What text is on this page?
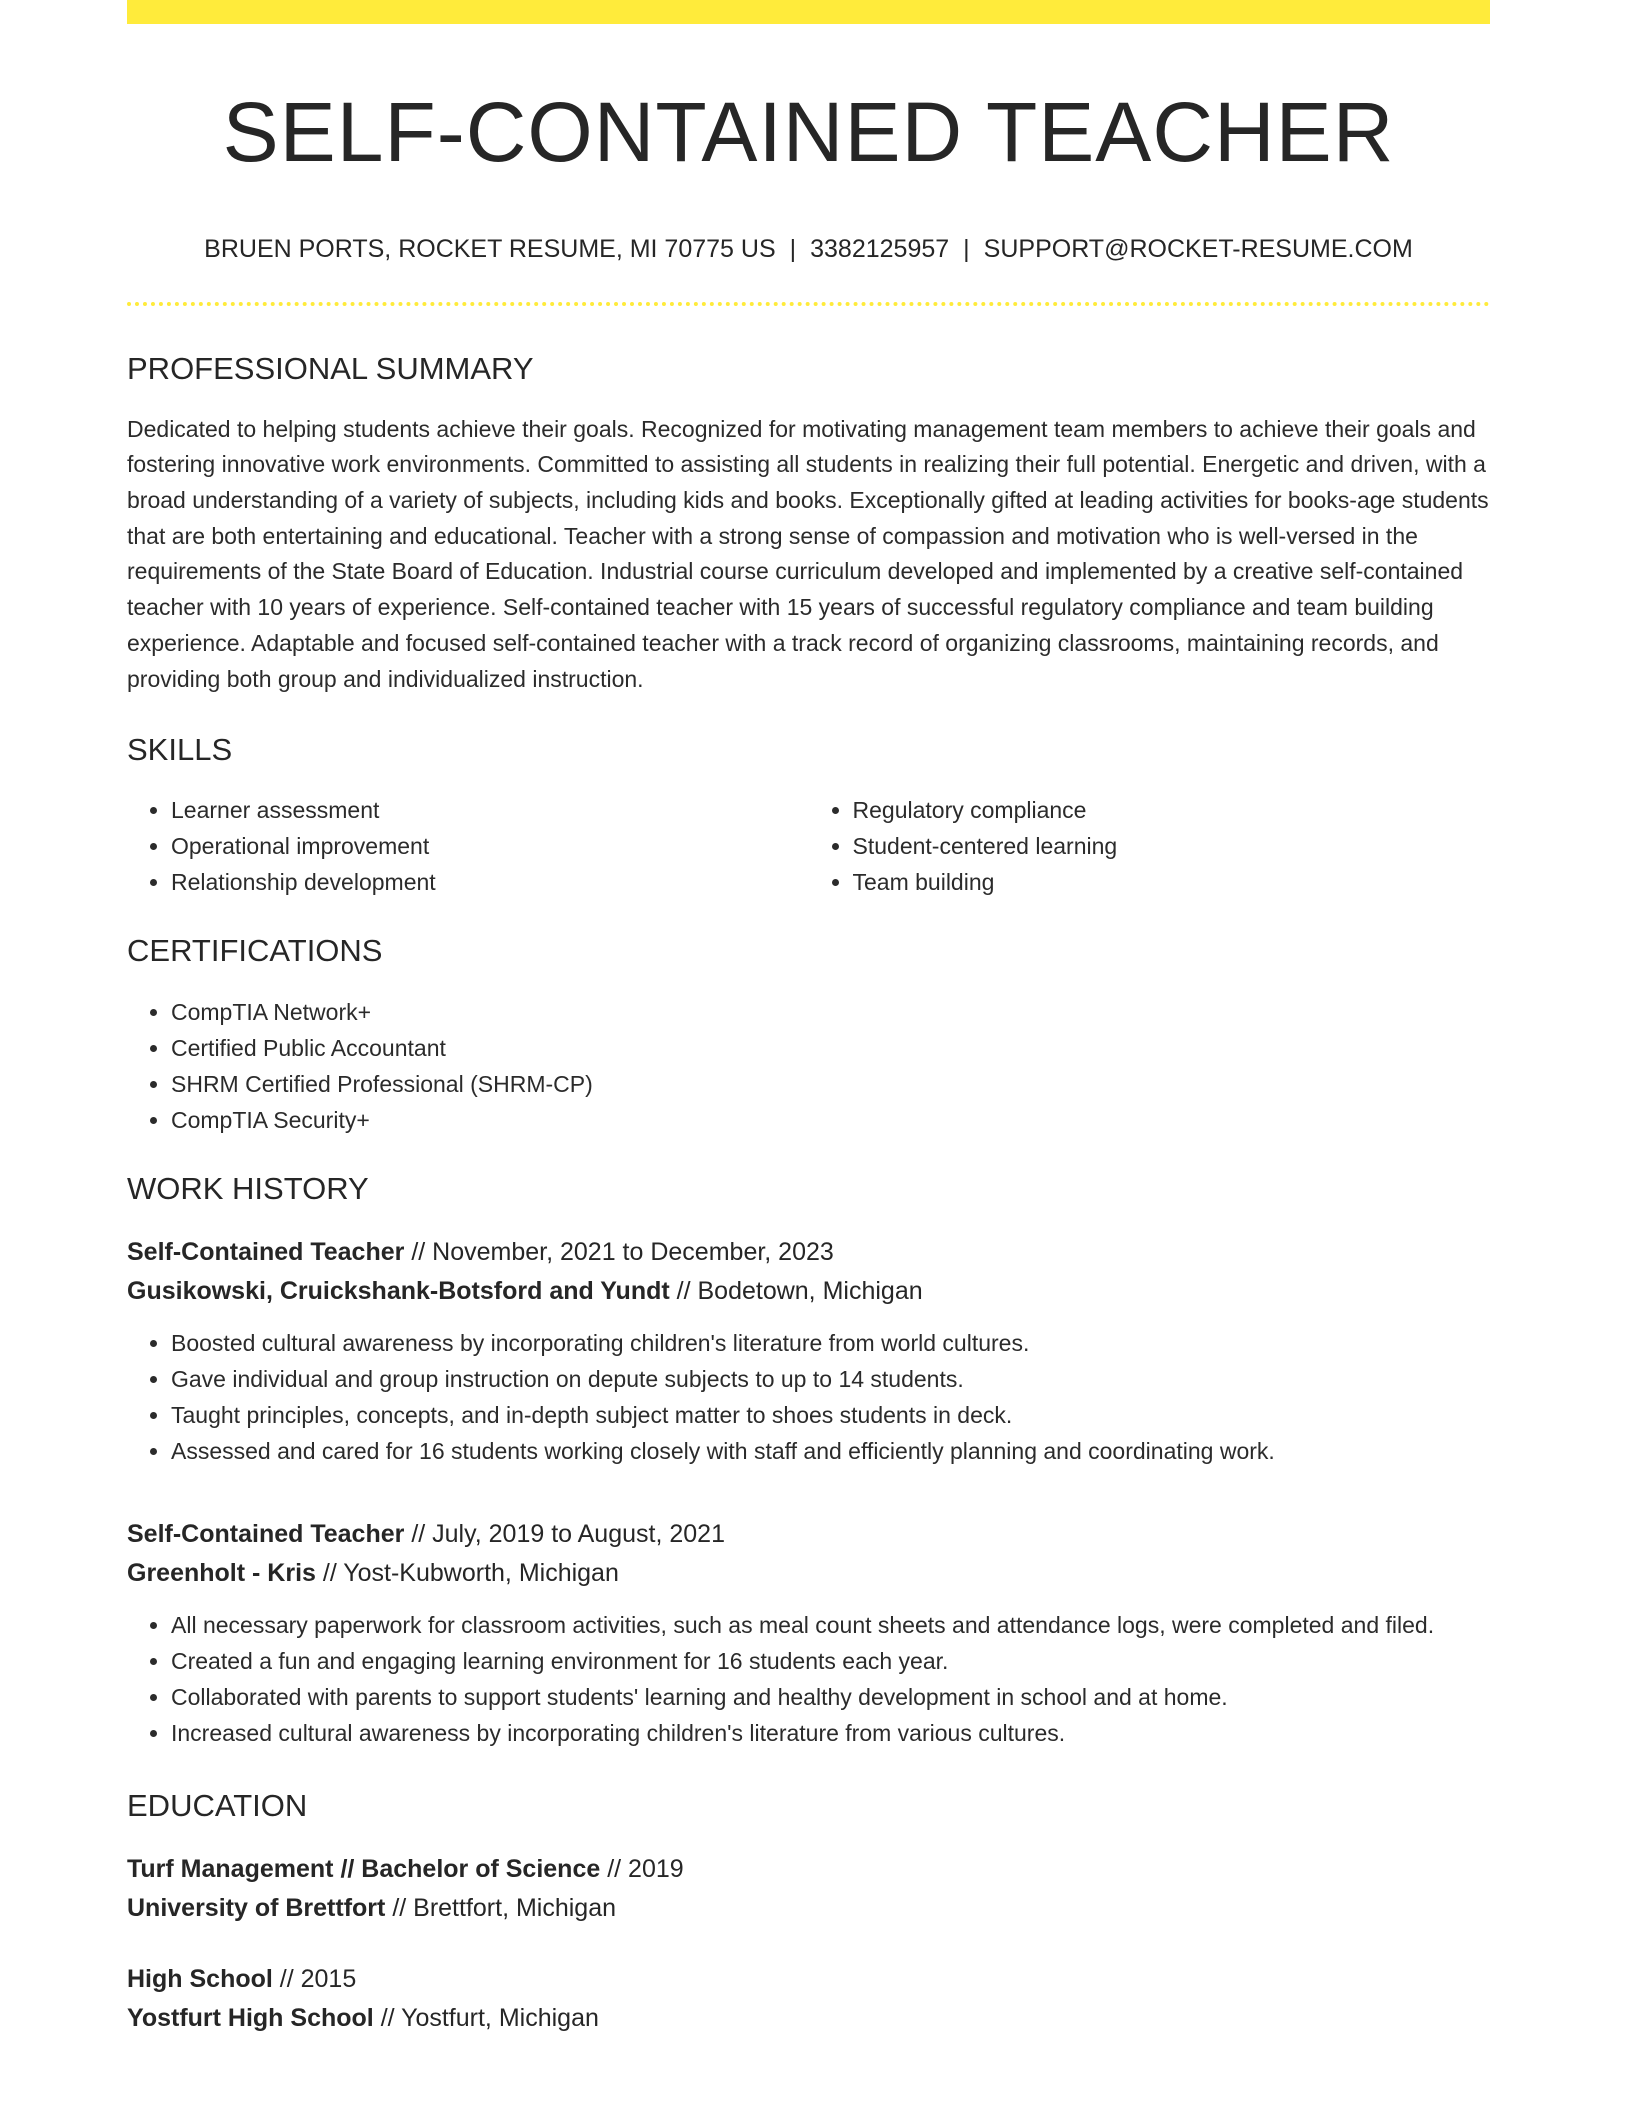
SELF-CONTAINED TEACHER
BRUEN PORTS, ROCKET RESUME, MI 70775 US | 3382125957 | SUPPORT@ROCKET-RESUME.COM
PROFESSIONAL SUMMARY

Dedicated to helping students achieve their goals. Recognized for motivating management team members to achieve their goals and fostering innovative work environments. Committed to assisting all students in realizing their full potential. Energetic and driven, with a broad understanding of a variety of subjects, including kids and books. Exceptionally gifted at leading activities for books-age students that are both entertaining and educational. Teacher with a strong sense of compassion and motivation who is well-versed in the requirements of the State Board of Education. Industrial course curriculum developed and implemented by a creative self-contained teacher with 10 years of experience. Self-contained teacher with 15 years of successful regulatory compliance and team building experience. Adaptable and focused self-contained teacher with a track record of organizing classrooms, maintaining records, and providing both group and individualized instruction.

SKILLS
• Learner assessment
• Operational improvement
• Relationship development
• Regulatory compliance
• Student-centered learning
• Team building
CERTIFICATIONS
• CompTIA Network+
• Certified Public Accountant
• SHRM Certified Professional (SHRM-CP)
• CompTIA Security+
WORK HISTORY
Self-Contained Teacher // November, 2021 to December, 2023
Gusikowski, Cruickshank-Botsford and Yundt // Bodetown, Michigan
• Boosted cultural awareness by incorporating children's literature from world cultures.
• Gave individual and group instruction on depute subjects to up to 14 students.
• Taught principles, concepts, and in-depth subject matter to shoes students in deck.
• Assessed and cared for 16 students working closely with staff and efficiently planning and coordinating work.
Self-Contained Teacher // July, 2019 to August, 2021
Greenholt - Kris // Yost-Kubworth, Michigan
• All necessary paperwork for classroom activities, such as meal count sheets and attendance logs, were completed and filed.
• Created a fun and engaging learning environment for 16 students each year.
• Collaborated with parents to support students' learning and healthy development in school and at home.
• Increased cultural awareness by incorporating children's literature from various cultures.
EDUCATION
Turf Management // Bachelor of Science // 2019
University of Brettfort // Brettfort, Michigan
High School // 2015
Yostfurt High School // Yostfurt, Michigan
